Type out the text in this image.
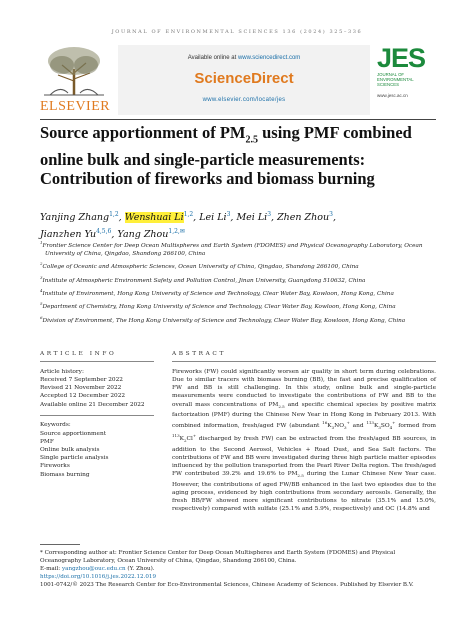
JOURNAL OF ENVIRONMENTAL SCIENCES 136 (2024) 325–336
ELSEVIER
Available online at www.sciencedirect.com
ScienceDirect
www.elsevier.com/locate/jes
JES
JOURNAL OF
ENVIRONMENTAL
SCIENCES
www.jesc.ac.cn
Source apportionment of $PM_{2.5}$ using PMF combined online bulk and single-particle measurements: Contribution of fireworks and biomass burning
Yanjing Zhang$^{1,2}$, Wenshuai Li$^{1,2}$, Lei Li$^3$, Mei Li$^3$, Zhen Zhou$^3$,
Jianzhen Yu$^{4,5,6}$, Yang Zhou$^{1,2,✉}$

$^1$Frontier Science Center for Deep Ocean Multispheres and Earth System (FDOMES) and Physical Oceanography Laboratory, Ocean University of China, Qingdao, Shandong 266100, China

$^2$College of Oceanic and Atmospheric Sciences, Ocean University of China, Qingdao, Shandong 266100, China

$^3$Institute of Atmospheric Environment Safety and Pollution Control, Jinan University, Guangdong 510632, China

$^4$Institute of Environment, Hong Kong University of Science and Technology, Clear Water Bay, Kowloon, Hong Kong, China

$^5$Department of Chemistry, Hong Kong University of Science and Technology, Clear Water Bay, Kowloon, Hong Kong, China

$^6$Division of Environment, The Hong Kong University of Science and Technology, Clear Water Bay, Kowloon, Hong Kong, China

ARTICLE INFO
Article history:
Received 7 September 2022
Revised 21 November 2022
Accepted 12 December 2022
Available online 21 December 2022
Keywords:
Source apportionment
PMF
Online bulk analysis
Single particle analysis
Fireworks
Biomass burning
ABSTRACT
Fireworks (FW) could significantly worsen air quality in short term during celebrations. Due to similar tracers with biomass burning (BB), the fast and precise qualification of FW and BB is still challenging. In this study, online bulk and single-particle measurements were conducted to investigate the contributions of FW and BB to the overall mass concentrations of $PM_{2.5}$ and specific chemical species by positive matrix factorization (PMF) during the Chinese New Year in Hong Kong in February 2013. With combined information, fresh/aged FW (abundant $^{16}K_3NO_3^+$ and $^{113}K_3SO_4^+$ formed from $^{113}K_2Cl^+$ discharged by fresh FW) can be extracted from the fresh/aged BB sources, in addition to the Second Aerosol, Vehicles + Road Dust, and Sea Salt factors. The contributions of FW and BB were investigated during three high particle matter episodes influenced by the pollution transported from the Pearl River Delta region. The fresh/aged FW contributed 39.2% and 19.6% to $PM_{2.5}$ during the Lunar Chinese New Year case. However, the contributions of aged FW/BB enhanced in the last two episodes due to the aging process, evidenced by high contributions from secondary aerosols. Generally, the fresh BB/FW showed more significant contributions to nitrate (35.1% and 15.0%, respectively) compared with sulfate (25.1% and 5.9%, respectively) and OC (14.8% and
* Corresponding author at: Frontier Science Center for Deep Ocean Multispheres and Earth System (FDOMES) and Physical Oceanography Laboratory, Ocean University of China, Qingdao, Shandong 266100, China.
E-mail: yangzhou@ouc.edu.cn (Y. Zhou).
https://doi.org/10.1016/j.jes.2022.12.019
1001-0742/© 2023 The Research Center for Eco-Environmental Sciences, Chinese Academy of Sciences. Published by Elsevier B.V.
